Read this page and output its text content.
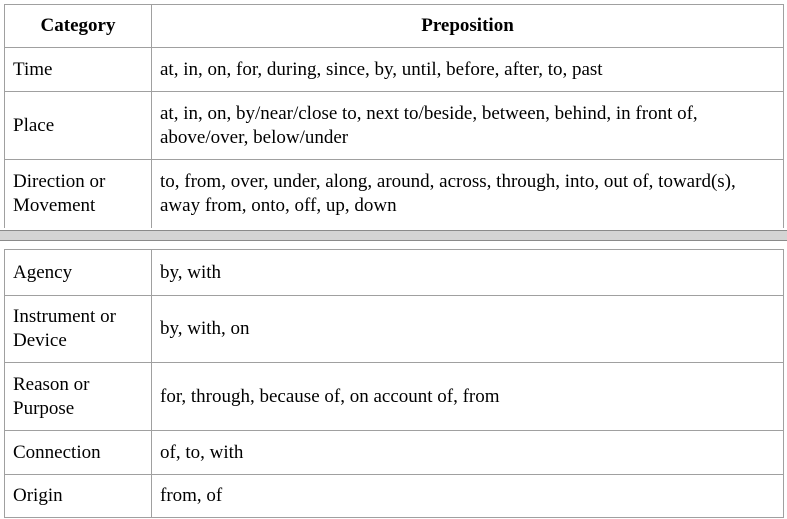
Category	Preposition
Time	at, in, on, for, during, since, by, until, before, after, to, past
Place	at, in, on, by/near/close to, next to/beside, between, behind, in front of, above/over, below/under
Direction or Movement	to, from, over, under, along, around, across, through, into, out of, toward(s), away from, onto, off, up, down
Agency	by, with
Instrument or Device	by, with, on
Reason or Purpose	for, through, because of, on account of, from
Connection	of, to, with
Origin	from, of
